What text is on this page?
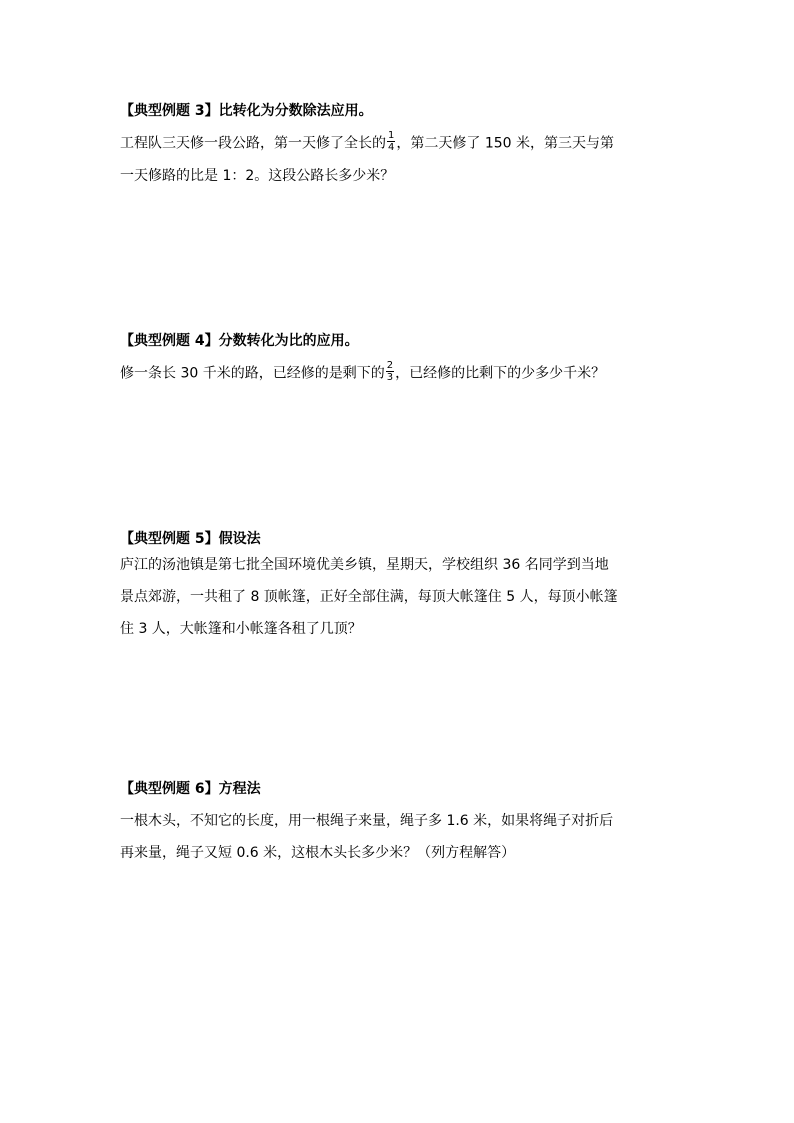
【典型例题 3】比转化为分数除法应用。
工程队三天修一段公路，第一天修了全长的 $\frac{1}{4}$ ，第二天修了 150 米，第三天与第
一天修路的比是 1：2。这段公路长多少米？
【典型例题 4】分数转化为比的应用。
修一条长 30 千米的路，已经修的是剩下的 $\frac{2}{3}$ ，已经修的比剩下的少多少千米？
【典型例题 5】假设法
庐江的汤池镇是第七批全国环境优美乡镇，星期天，学校组织 36 名同学到当地
景点郊游，一共租了 8 顶帐篷，正好全部住满，每顶大帐篷住 5 人，每顶小帐篷
住 3 人，大帐篷和小帐篷各租了几顶？
【典型例题 6】方程法
一根木头，不知它的长度，用一根绳子来量，绳子多 1.6 米，如果将绳子对折后
再来量，绳子又短 0.6 米，这根木头长多少米？（列方程解答）
